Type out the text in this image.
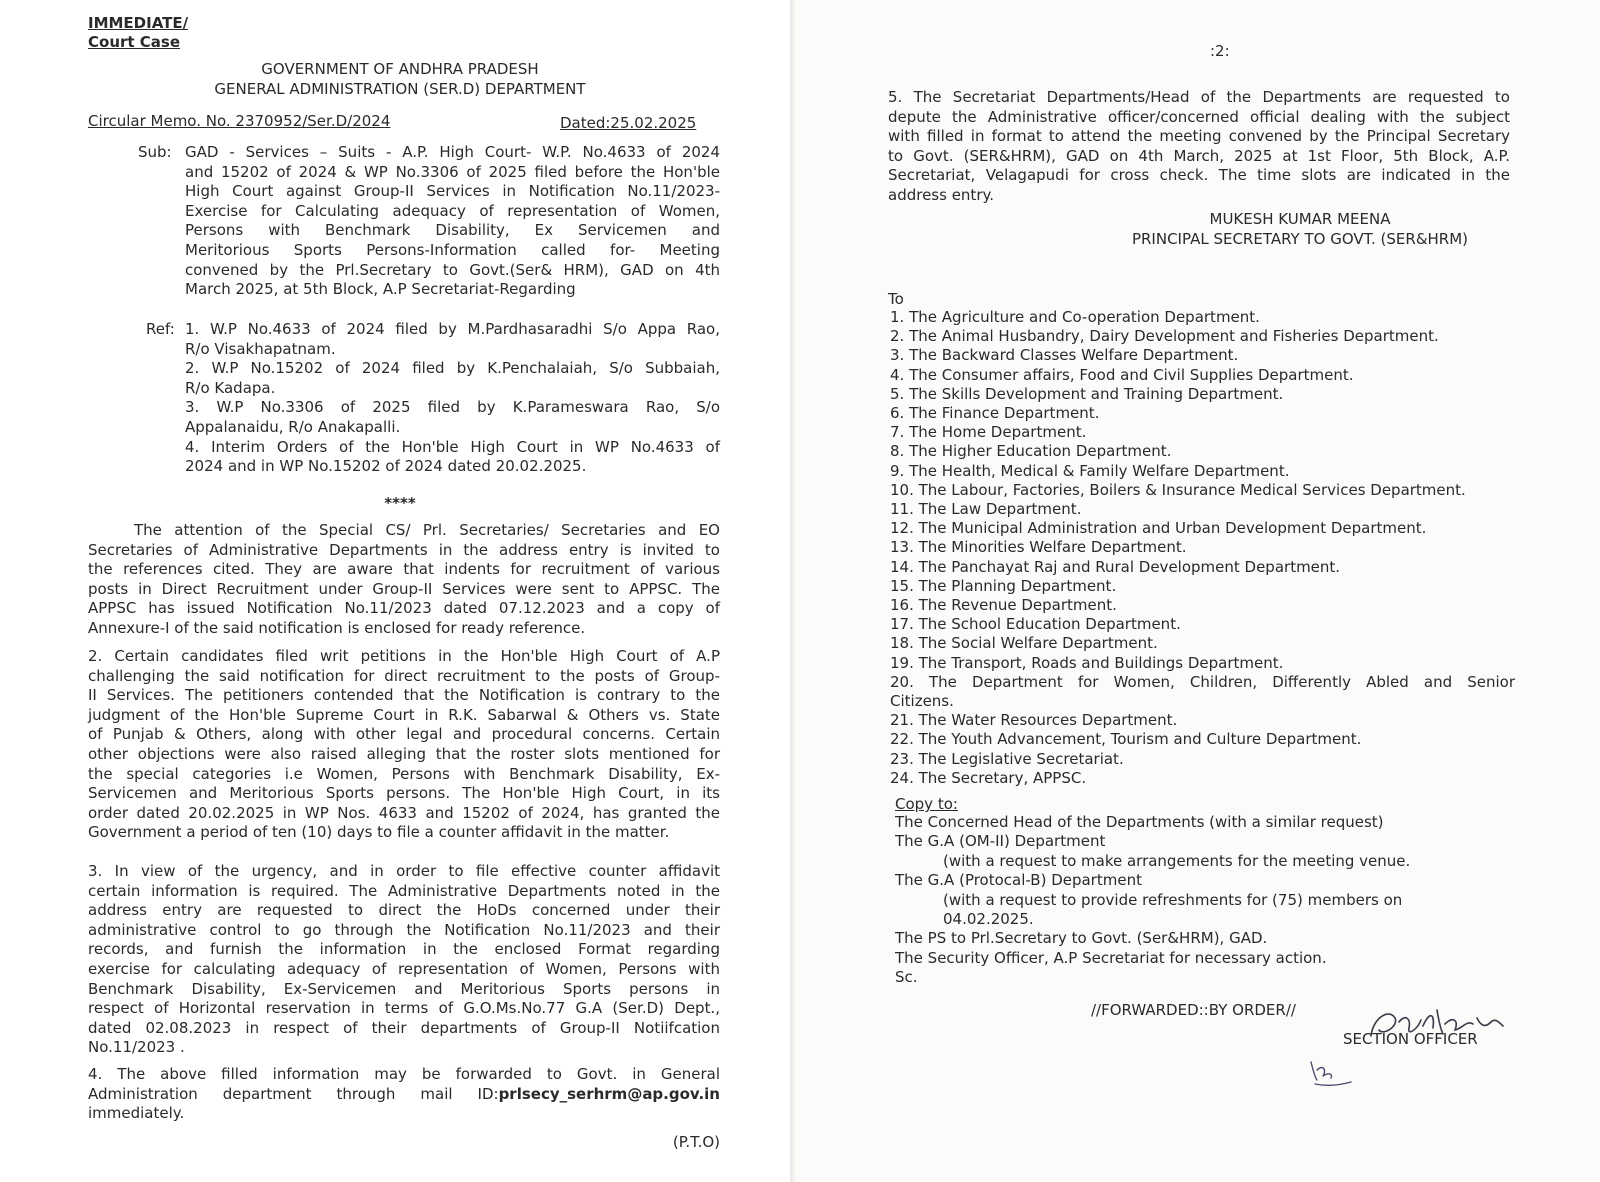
IMMEDIATE/
Court Case
GOVERNMENT OF ANDHRA PRADESH
GENERAL ADMINISTRATION (SER.D) DEPARTMENT
Circular Memo. No. 2370952/Ser.D/2024	Dated:25.02.2025
Sub: GAD - Services – Suits - A.P. High Court- W.P. No.4633 of 2024
and 15202 of 2024 & WP No.3306 of 2025 filed before the Hon'ble
High Court against Group-II Services in Notification No.11/2023-
Exercise for Calculating adequacy of representation of Women,
Persons with Benchmark Disability, Ex Servicemen and
Meritorious Sports Persons-Information called for- Meeting
convened by the Prl.Secretary to Govt.(Ser& HRM), GAD on 4th
March 2025, at 5th Block, A.P Secretariat-Regarding
Ref: 1. W.P No.4633 of 2024 filed by M.Pardhasaradhi S/o Appa Rao,
R/o Visakhapatnam.
2. W.P No.15202 of 2024 filed by K.Penchalaiah, S/o Subbaiah,
R/o Kadapa.
3. W.P No.3306 of 2025 filed by K.Parameswara Rao, S/o
Appalanaidu, R/o Anakapalli.
4. Interim Orders of the Hon'ble High Court in WP No.4633 of
2024 and in WP No.15202 of 2024 dated 20.02.2025.
****
The attention of the Special CS/ Prl. Secretaries/ Secretaries and EO
Secretaries of Administrative Departments in the address entry is invited to
the references cited. They are aware that indents for recruitment of various
posts in Direct Recruitment under Group-II Services were sent to APPSC. The
APPSC has issued Notification No.11/2023 dated 07.12.2023 and a copy of
Annexure-I of the said notification is enclosed for ready reference.
2. Certain candidates filed writ petitions in the Hon'ble High Court of A.P
challenging the said notification for direct recruitment to the posts of Group-
II Services. The petitioners contended that the Notification is contrary to the
judgment of the Hon'ble Supreme Court in R.K. Sabarwal & Others vs. State
of Punjab & Others, along with other legal and procedural concerns. Certain
other objections were also raised alleging that the roster slots mentioned for
the special categories i.e Women, Persons with Benchmark Disability, Ex-
Servicemen and Meritorious Sports persons. The Hon'ble High Court, in its
order dated 20.02.2025 in WP Nos. 4633 and 15202 of 2024, has granted the
Government a period of ten (10) days to file a counter affidavit in the matter.
3. In view of the urgency, and in order to file effective counter affidavit
certain information is required. The Administrative Departments noted in the
address entry are requested to direct the HoDs concerned under their
administrative control to go through the Notification No.11/2023 and their
records, and furnish the information in the enclosed Format regarding
exercise for calculating adequacy of representation of Women, Persons with
Benchmark Disability, Ex-Servicemen and Meritorious Sports persons in
respect of Horizontal reservation in terms of G.O.Ms.No.77 G.A (Ser.D) Dept.,
dated 02.08.2023 in respect of their departments of Group-II Notiifcation
No.11/2023 .
4. The above filled information may be forwarded to Govt. in General
Administration department through mail ID:prlsecy_serhrm@ap.gov.in
immediately.
(P.T.O)
:2:
5. The Secretariat Departments/Head of the Departments are requested to
depute the Administrative officer/concerned official dealing with the subject
with filled in format to attend the meeting convened by the Principal Secretary
to Govt. (SER&HRM), GAD on 4th March, 2025 at 1st Floor, 5th Block, A.P.
Secretariat, Velagapudi for cross check. The time slots are indicated in the
address entry.
MUKESH KUMAR MEENA
PRINCIPAL SECRETARY TO GOVT. (SER&HRM)
To
1. The Agriculture and Co-operation Department.
2. The Animal Husbandry, Dairy Development and Fisheries Department.
3. The Backward Classes Welfare Department.
4. The Consumer affairs, Food and Civil Supplies Department.
5. The Skills Development and Training Department.
6. The Finance Department.
7. The Home Department.
8. The Higher Education Department.
9. The Health, Medical & Family Welfare Department.
10. The Labour, Factories, Boilers & Insurance Medical Services Department.
11. The Law Department.
12. The Municipal Administration and Urban Development Department.
13. The Minorities Welfare Department.
14. The Panchayat Raj and Rural Development Department.
15. The Planning Department.
16. The Revenue Department.
17. The School Education Department.
18. The Social Welfare Department.
19. The Transport, Roads and Buildings Department.
20. The Department for Women, Children, Differently Abled and Senior
Citizens.
21. The Water Resources Department.
22. The Youth Advancement, Tourism and Culture Department.
23. The Legislative Secretariat.
24. The Secretary, APPSC.
Copy to:
The Concerned Head of the Departments (with a similar request)
The G.A (OM-II) Department
(with a request to make arrangements for the meeting venue.
The G.A (Protocal-B) Department
(with a request to provide refreshments for (75) members on
04.02.2025.
The PS to Prl.Secretary to Govt. (Ser&HRM), GAD.
The Security Officer, A.P Secretariat for necessary action.
Sc.
//FORWARDED::BY ORDER//
SECTION OFFICER
